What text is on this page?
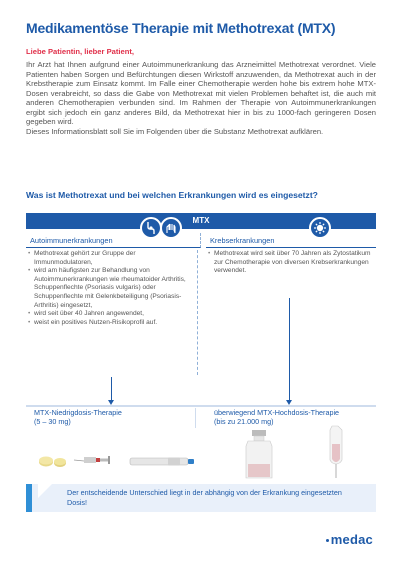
Medikamentöse Therapie mit Methotrexat (MTX)
Liebe Patientin, lieber Patient,

Ihr Arzt hat Ihnen aufgrund einer Autoimmunerkrankung das Arzneimittel Methotrexat verordnet. Viele Patienten haben Sorgen und Befürchtungen diesen Wirkstoff anzuwenden, da Methotrexat auch in der Krebstherapie zum Einsatz kommt. Im Falle einer Chemotherapie werden hohe bis extrem hohe MTX-Dosen verabreicht, so dass die Gabe von Methotrexat mit vielen Problemen behaftet ist, die auch mit anderen Chemotherapien verbunden sind. Im Rahmen der Therapie von Autoimmunerkrankungen ergibt sich jedoch ein ganz anderes Bild, da Methotrexat hier in bis zu 1000-fach geringeren Dosen gegeben wird.

Dieses Informationsblatt soll Sie im Folgenden über die Substanz Methotrexat aufklären.

Was ist Methotrexat und bei welchen Erkrankungen wird es eingesetzt?
MTX
Autoimmunerkrankungen	Krebserkrankungen
• Methotrexat gehört zur Gruppe der Immunmodulatoren,
• wird am häufigsten zur Behandlung von Autoimmunerkrankungen wie rheumatoider Arthritis, Schuppenflechte (Psoriasis vulgaris) oder Schuppenflechte mit Gelenkbeteiligung (Psoriasis-Arthritis) eingesetzt,
• wird seit über 40 Jahren angewendet,
• weist ein positives Nutzen-Risikoprofil auf.
• Methotrexat wird seit über 70 Jahren als Zytostatikum zur Chemotherapie von diversen Krebserkrankungen verwendet.
MTX-Niedrigdosis-Therapie
(5 – 30 mg)
überwiegend MTX-Hochdosis-Therapie
(bis zu 21.000 mg)
Der entscheidende Unterschied liegt in der abhängig von der Erkrankung eingesetzten Dosis!
medac
